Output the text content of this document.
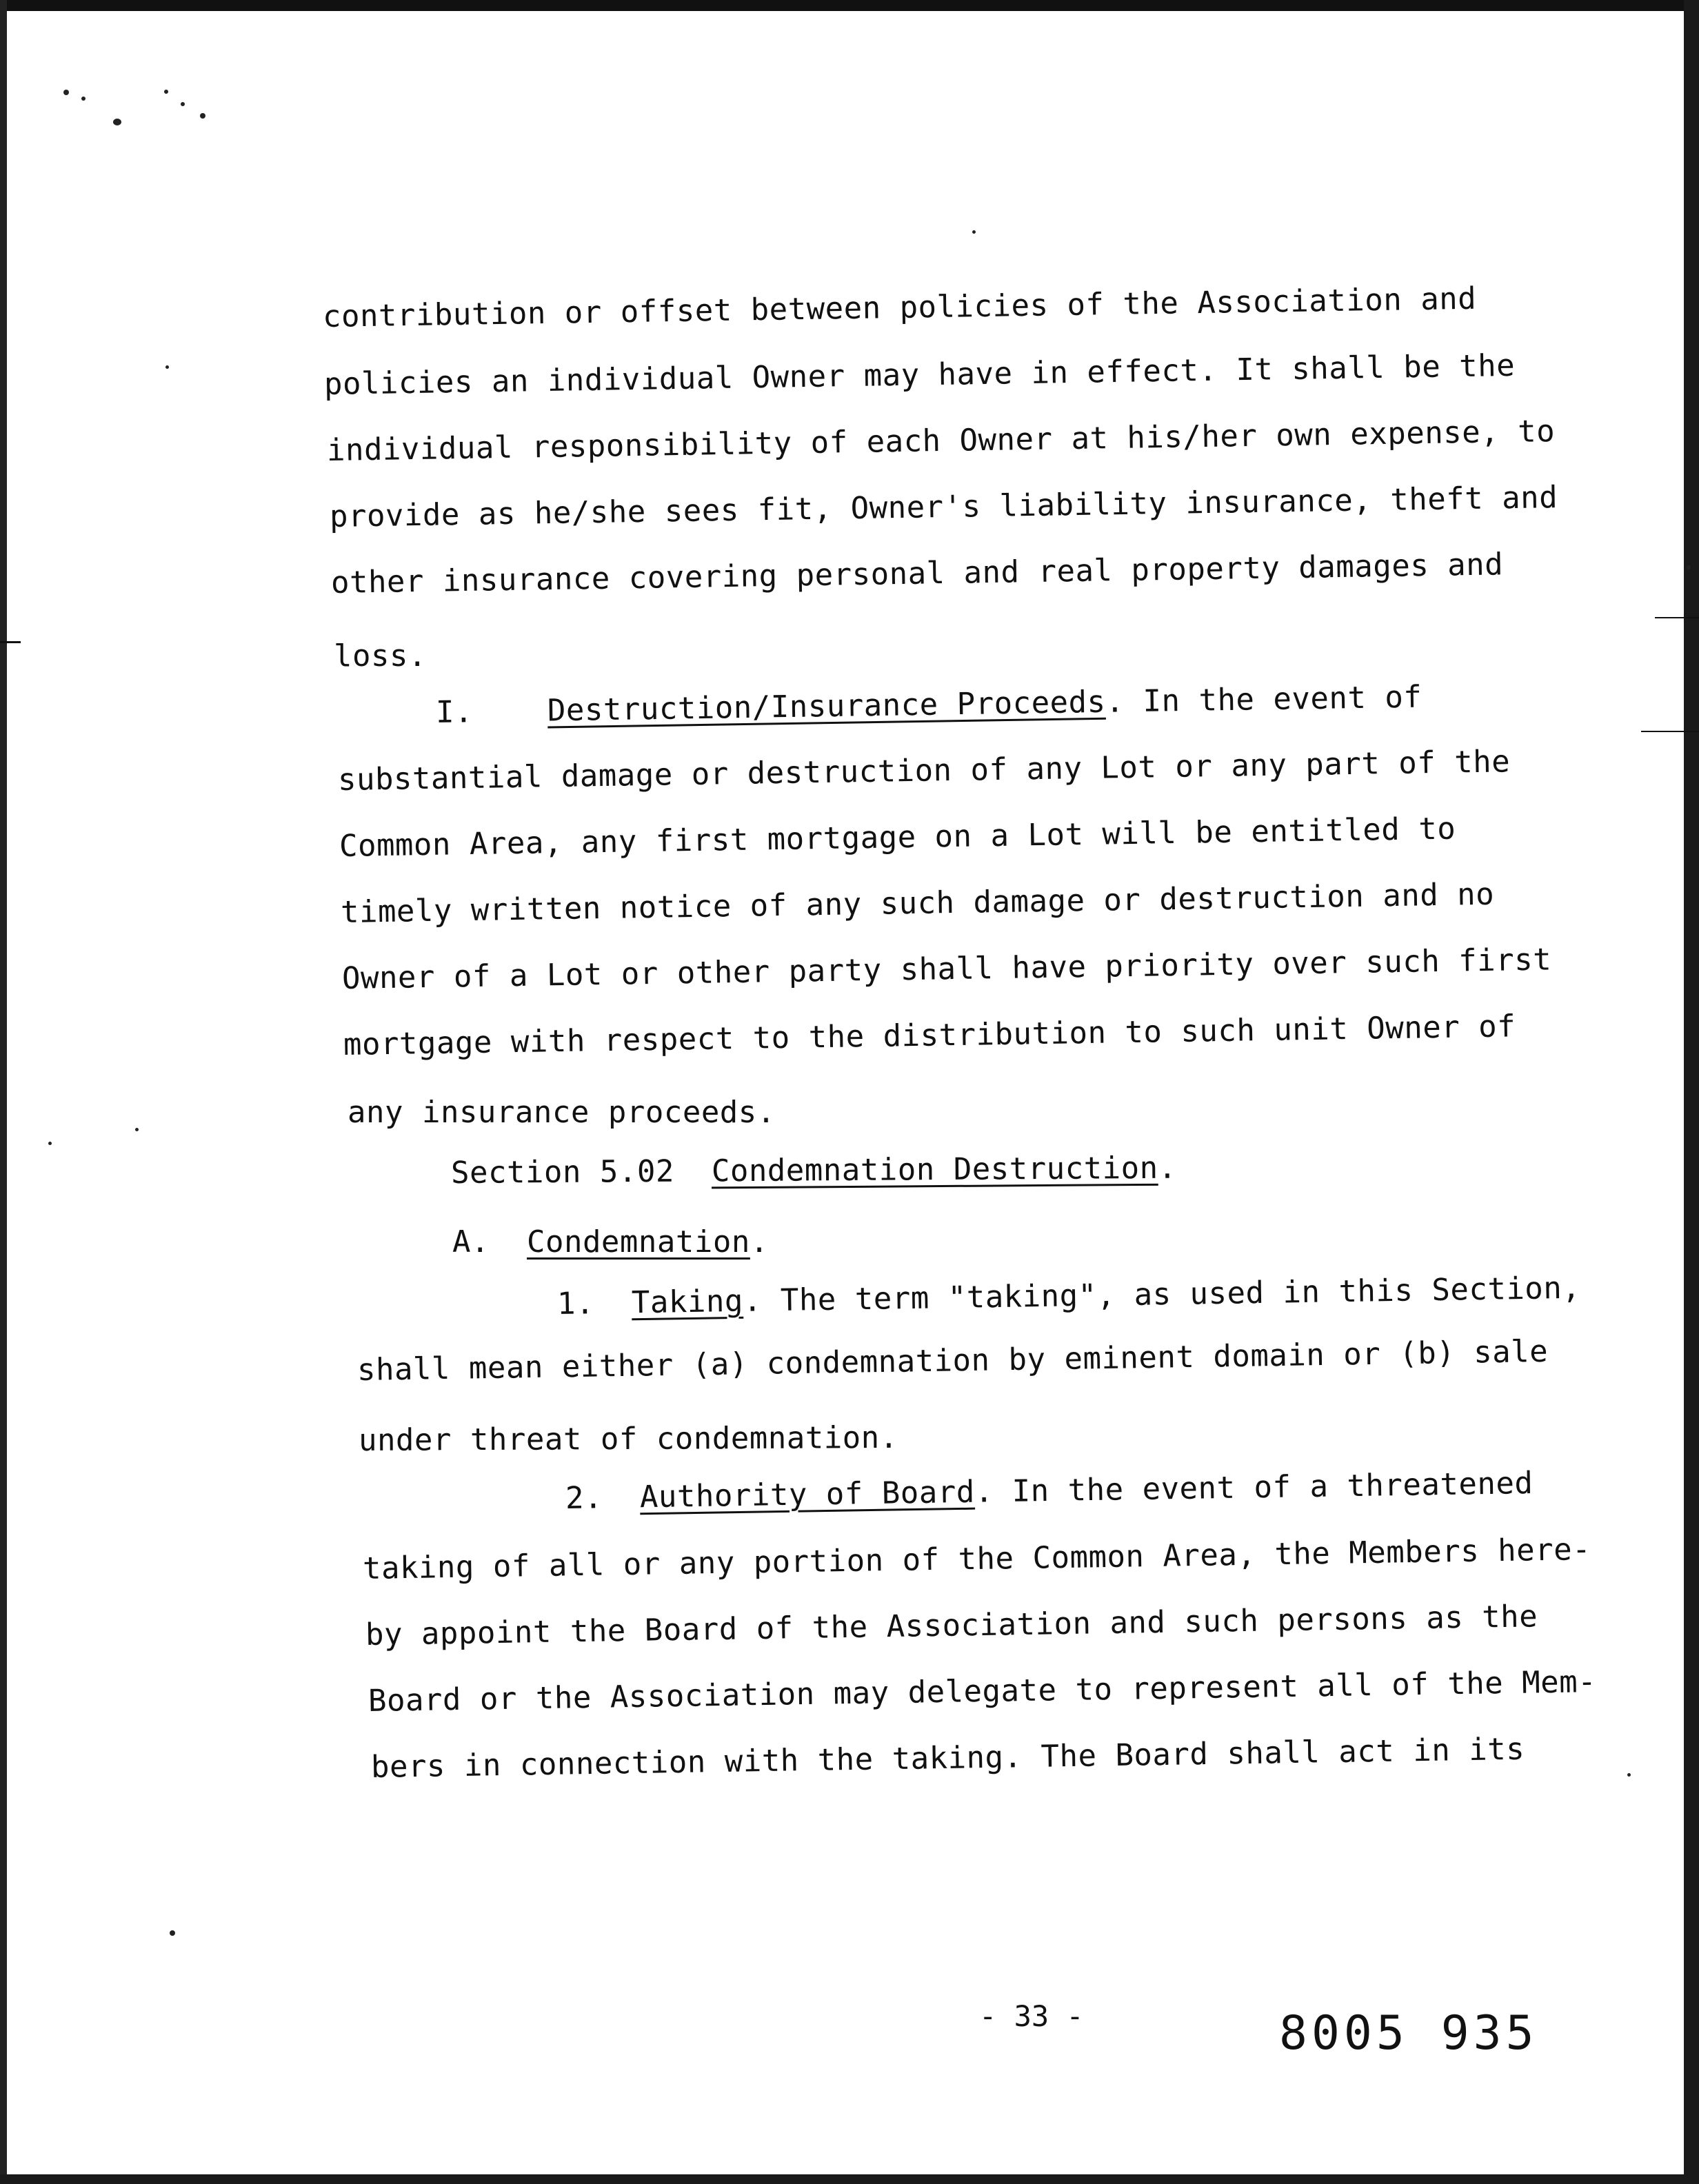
contribution or offset between policies of the Association and
policies an individual Owner may have in effect. It shall be the
individual responsibility of each Owner at his/her own expense, to
provide as he/she sees fit, Owner's liability insurance, theft and
other insurance covering personal and real property damages and
loss.
I. Destruction/Insurance Proceeds. In the event of
substantial damage or destruction of any Lot or any part of the
Common Area, any first mortgage on a Lot will be entitled to
timely written notice of any such damage or destruction and no
Owner of a Lot or other party shall have priority over such first
mortgage with respect to the distribution to such unit Owner of
any insurance proceeds.
Section 5.02 Condemnation Destruction.
A. Condemnation.
1. Taking. The term "taking", as used in this Section,
shall mean either (a) condemnation by eminent domain or (b) sale
under threat of condemnation.
2. Authority of Board. In the event of a threatened
taking of all or any portion of the Common Area, the Members here-
by appoint the Board of the Association and such persons as the
Board or the Association may delegate to represent all of the Mem-
bers in connection with the taking. The Board shall act in its
- 33 -	8005 935
